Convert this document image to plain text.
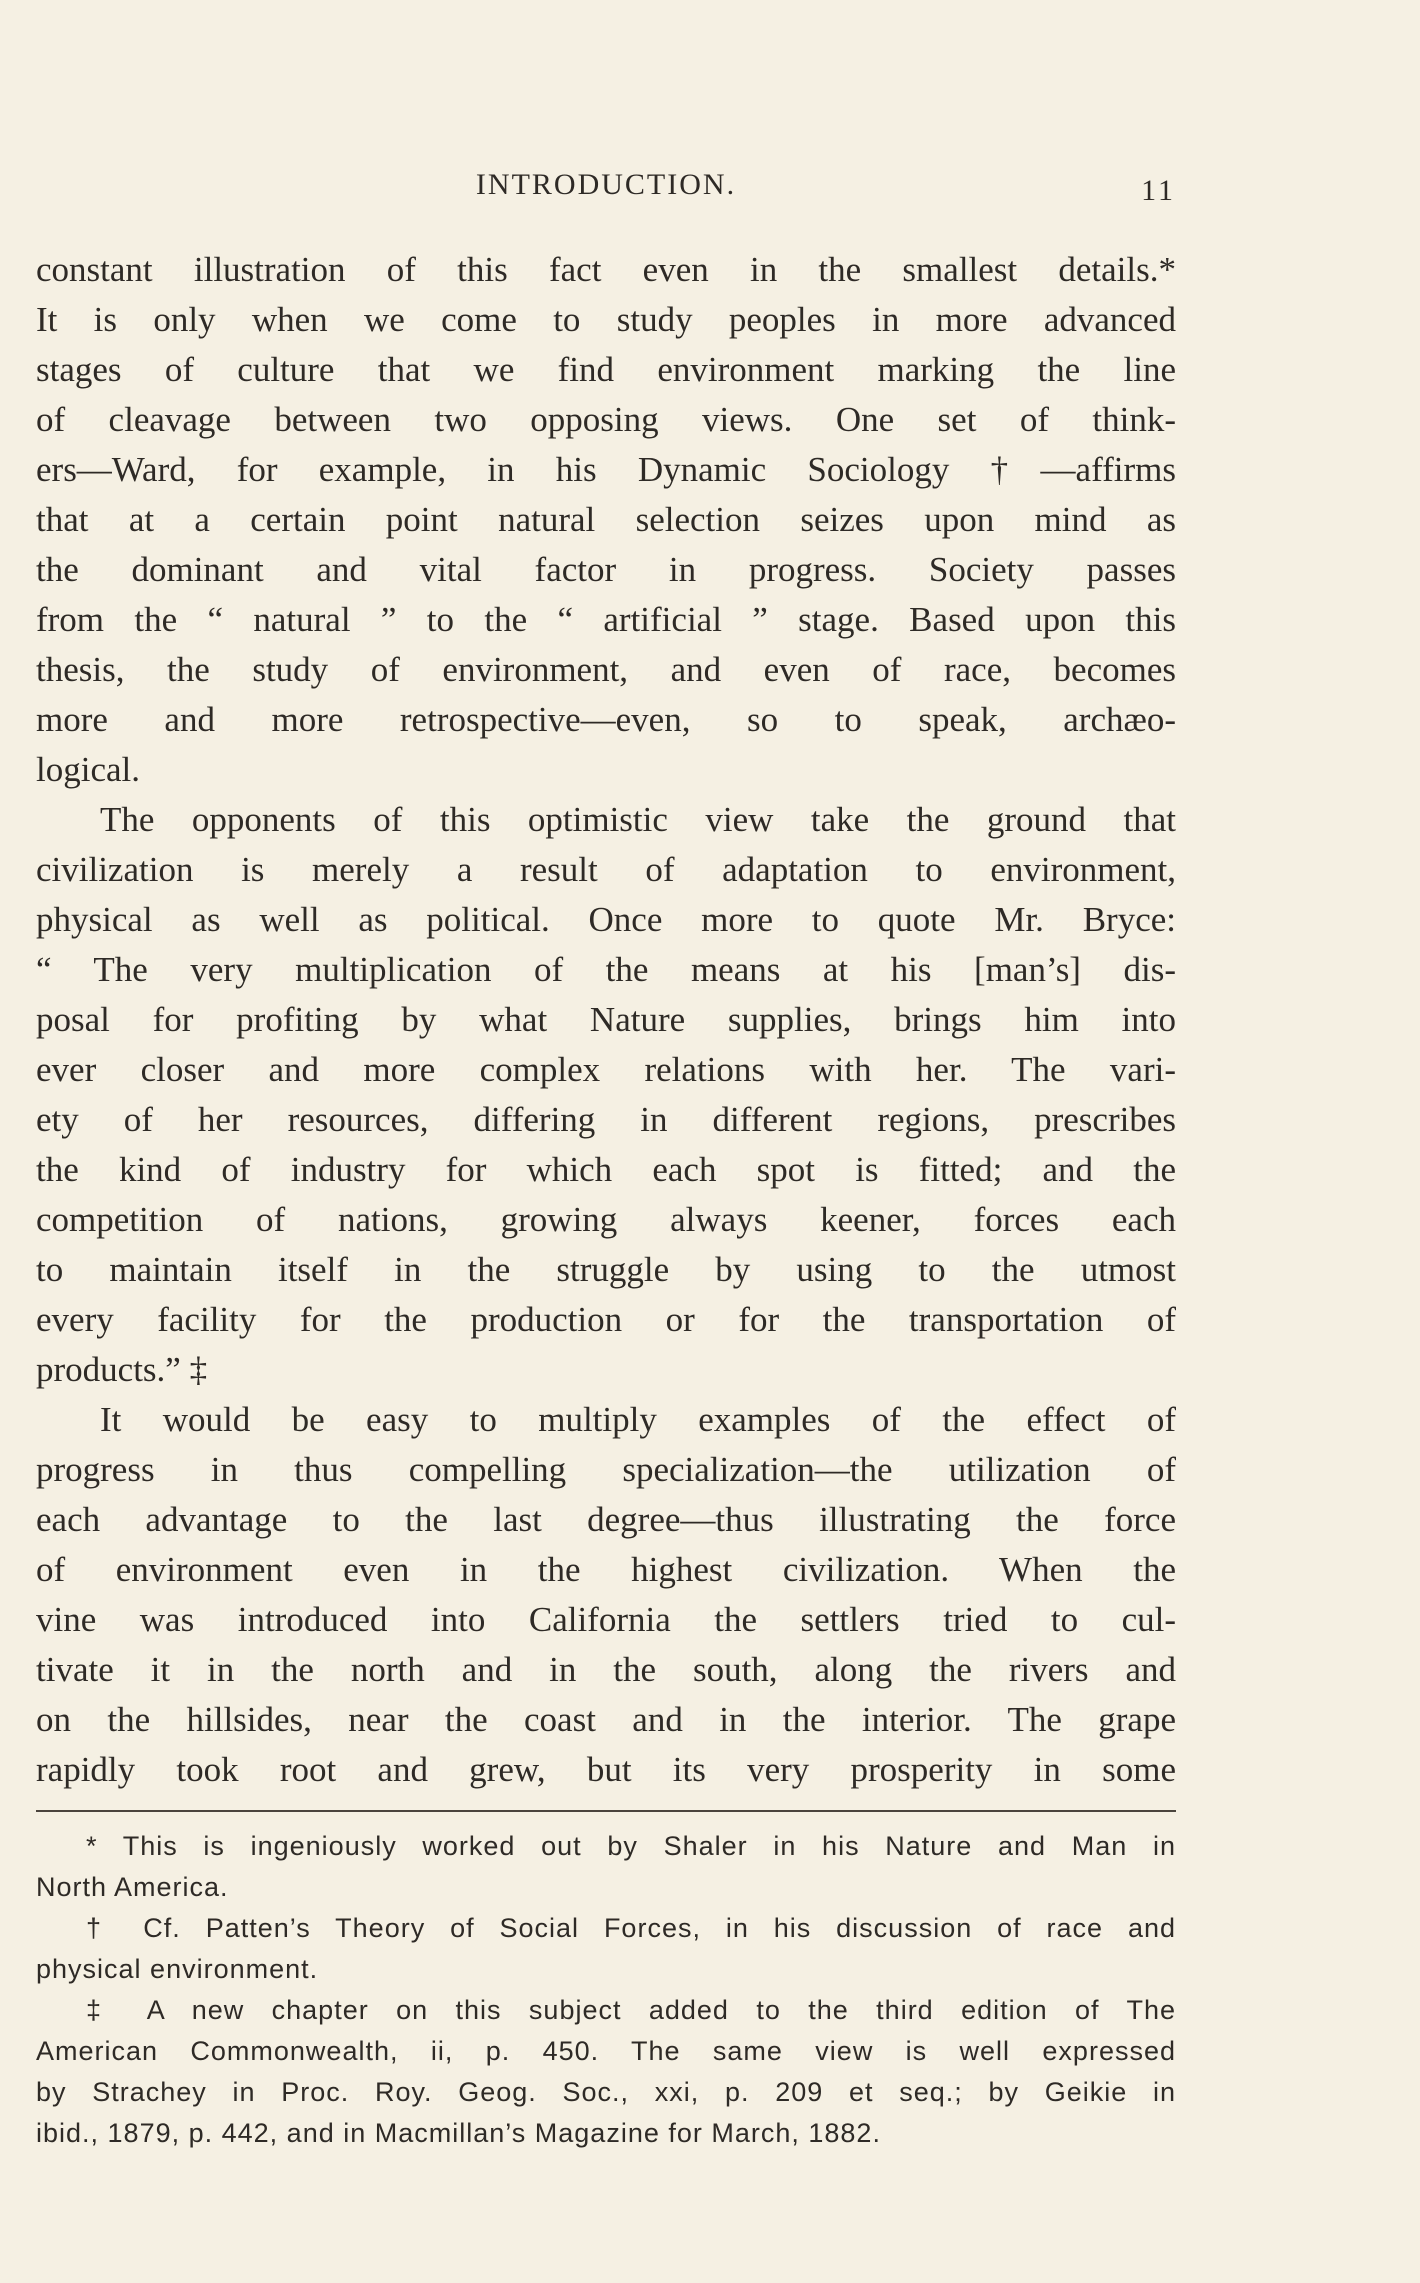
INTRODUCTION.	11
constant illustration of this fact even in the smallest details.*
It is only when we come to study peoples in more advanced
stages of culture that we find environment marking the line
of cleavage between two opposing views. One set of think-
ers—Ward, for example, in his Dynamic Sociology †—affirms
that at a certain point natural selection seizes upon mind as
the dominant and vital factor in progress. Society passes
from the “ natural ” to the “ artificial ” stage. Based upon this
thesis, the study of environment, and even of race, becomes
more and more retrospective—even, so to speak, archæo-
logical.
The opponents of this optimistic view take the ground that
civilization is merely a result of adaptation to environment,
physical as well as political. Once more to quote Mr. Bryce:
“ The very multiplication of the means at his [man’s] dis-
posal for profiting by what Nature supplies, brings him into
ever closer and more complex relations with her. The vari-
ety of her resources, differing in different regions, prescribes
the kind of industry for which each spot is fitted; and the
competition of nations, growing always keener, forces each
to maintain itself in the struggle by using to the utmost
every facility for the production or for the transportation of
products.” ‡
It would be easy to multiply examples of the effect of
progress in thus compelling specialization—the utilization of
each advantage to the last degree—thus illustrating the force
of environment even in the highest civilization. When the
vine was introduced into California the settlers tried to cul-
tivate it in the north and in the south, along the rivers and
on the hillsides, near the coast and in the interior. The grape
rapidly took root and grew, but its very prosperity in some
* This is ingeniously worked out by Shaler in his Nature and Man in
North America.
† Cf. Patten’s Theory of Social Forces, in his discussion of race and
physical environment.
‡ A new chapter on this subject added to the third edition of The
American Commonwealth, ii, p. 450. The same view is well expressed
by Strachey in Proc. Roy. Geog. Soc., xxi, p. 209 et seq.; by Geikie in
ibid., 1879, p. 442, and in Macmillan’s Magazine for March, 1882.
